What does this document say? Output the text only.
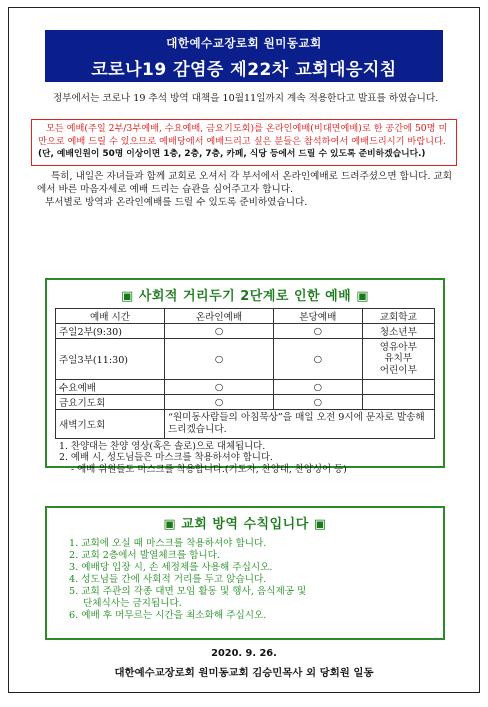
대한예수교장로회 원미동교회
코로나19 감염증 제22차 교회대응지침
정부에서는 코로나 19 추석 방역 대책을 10월11일까지 계속 적용한다고 발표를 하였습니다.
모든 예배(주일 2부/3부예배, 수요예배, 금요기도회)를 온라인예배(비대면예배)로 한 공간에 50명 미만으로 예배 드릴 수 있으므로 예배당에서 예배드리고 싶은 분들은 참석하여서 예배드리시기 바랍니다. (단, 예배인원이 50명 이상이면 1층, 2층, 7층, 카페, 식당 등에서 드릴 수 있도록 준비하겠습니다.)
특히, 내일은 자녀들과 함께 교회로 오셔서 각 부서에서 온라인예배로 드려주셨으면 합니다. 교회에서 바른 마음자세로 예배 드리는 습관을 심어주고자 합니다.
부서별로 방역과 온라인예배를 드릴 수 있도록 준비하였습니다.
▣ 사회적 거리두기 2단계로 인한 예배 ▣
예배 시간	온라인예배	본당예배	교회학교
주일2부(9:30)	○	○	청소년부
주일3부(11:30)	○	○	영유아부
유치부
어린이부

수요예배	○	○	
금요기도회	○	○	
새벽기도회	“원미동사람들의 아침묵상”을 매일 오전 9시에 문자로 발송해드리겠습니다.		
1. 찬양대는 찬양 영상(혹은 솔로)으로 대체됩니다.
2. 예배 시, 성도님들은 마스크를 착용하셔야 합니다.
- 예배 위원들도 마스크를 착용합니다.(기도자, 찬양대, 찬양싱어 등)
▣ 교회 방역 수칙입니다 ▣
1. 교회에 오실 때 마스크를 착용하셔야 합니다.
2. 교회 2층에서 발열체크를 합니다.
3. 예배당 입장 시, 손 세정제를 사용해 주십시오.
4. 성도님들 간에 사회적 거리를 두고 앉습니다.
5. 교회 주관의 각종 대면 모임 활동 및 행사, 음식제공 및
단체식사는 금지됩니다.
6. 예배 후 머무르는 시간을 최소화해 주십시오.
2020. 9. 26.
대한예수교장로회 원미동교회 김승민목사 외 당회원 일동
